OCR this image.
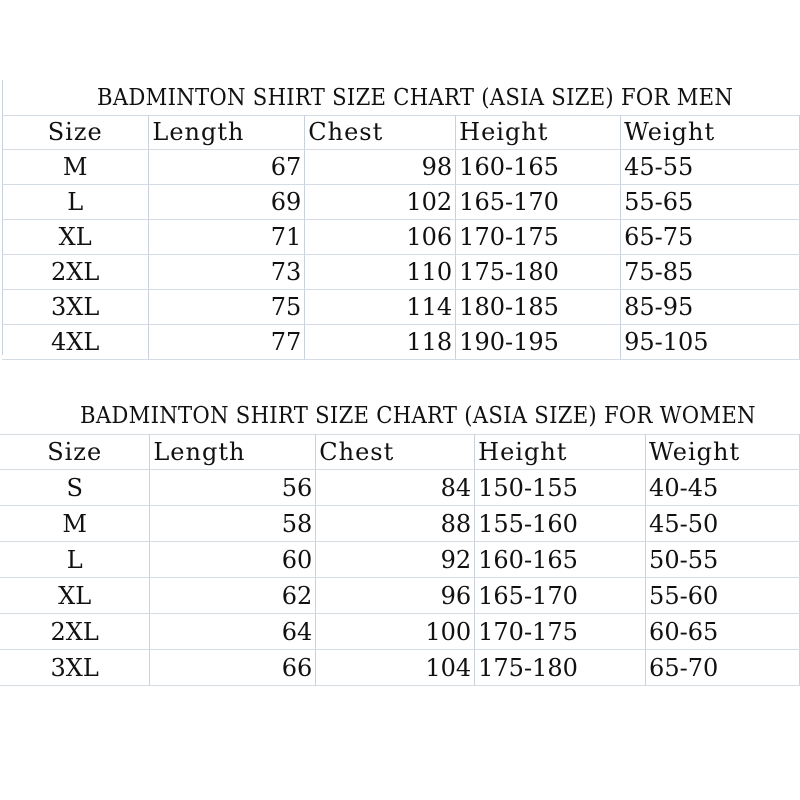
BADMINTON SHIRT SIZE CHART (ASIA SIZE) FOR MEN
Size	Length	Chest	Height	Weight
M	67	98	160-165	45-55
L	69	102	165-170	55-65
XL	71	106	170-175	65-75
2XL	73	110	175-180	75-85
3XL	75	114	180-185	85-95
4XL	77	118	190-195	95-105
BADMINTON SHIRT SIZE CHART (ASIA SIZE) FOR WOMEN
Size	Length	Chest	Height	Weight
S	56	84	150-155	40-45
M	58	88	155-160	45-50
L	60	92	160-165	50-55
XL	62	96	165-170	55-60
2XL	64	100	170-175	60-65
3XL	66	104	175-180	65-70
